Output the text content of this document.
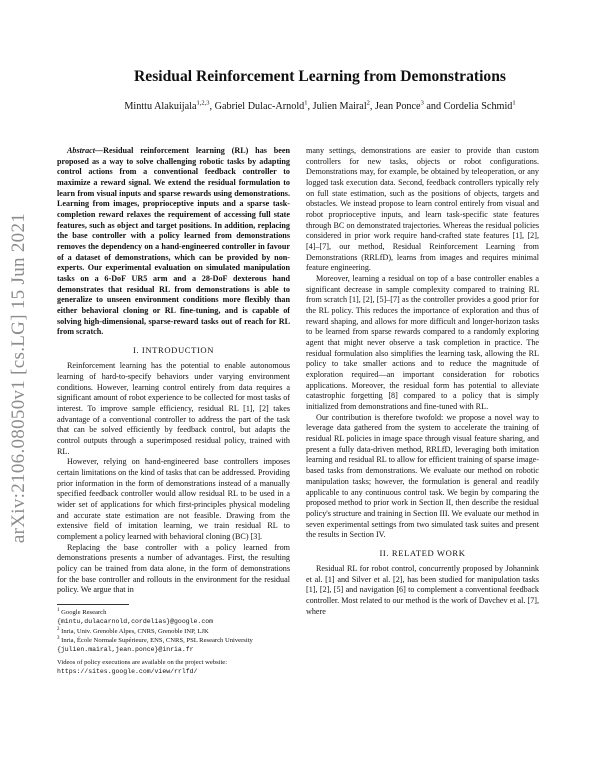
arXiv:2106.08050v1 [cs.LG] 15 Jun 2021
Residual Reinforcement Learning from Demonstrations
Minttu Alakuijala$^{1,2,3}$, Gabriel Dulac-Arnold$^1$, Julien Mairal$^2$, Jean Ponce$^3$ and Cordelia Schmid$^1$

Abstract—Residual reinforcement learning (RL) has been proposed as a way to solve challenging robotic tasks by adapting control actions from a conventional feedback controller to maximize a reward signal. We extend the residual formulation to learn from visual inputs and sparse rewards using demonstrations. Learning from images, proprioceptive inputs and a sparse task-completion reward relaxes the requirement of accessing full state features, such as object and target positions. In addition, replacing the base controller with a policy learned from demonstrations removes the dependency on a hand-engineered controller in favour of a dataset of demonstrations, which can be provided by non-experts. Our experimental evaluation on simulated manipulation tasks on a 6-DoF UR5 arm and a 28-DoF dexterous hand demonstrates that residual RL from demonstrations is able to generalize to unseen environment conditions more flexibly than either behavioral cloning or RL fine-tuning, and is capable of solving high-dimensional, sparse-reward tasks out of reach for RL from scratch.

I. INTRODUCTION

Reinforcement learning has the potential to enable autonomous learning of hard-to-specify behaviors under varying environment conditions. However, learning control entirely from data requires a significant amount of robot experience to be collected for most tasks of interest. To improve sample efficiency, residual RL [1], [2] takes advantage of a conventional controller to address the part of the task that can be solved efficiently by feedback control, but adapts the control outputs through a superimposed residual policy, trained with RL.

However, relying on hand-engineered base controllers imposes certain limitations on the kind of tasks that can be addressed. Providing prior information in the form of demonstrations instead of a manually specified feedback controller would allow residual RL to be used in a wider set of applications for which first-principles physical modeling and accurate state estimation are not feasible. Drawing from the extensive field of imitation learning, we train residual RL to complement a policy learned with behavioral cloning (BC) [3].

Replacing the base controller with a policy learned from demonstrations presents a number of advantages. First, the resulting policy can be trained from data alone, in the form of demonstrations for the base controller and rollouts in the environment for the residual policy. We argue that in

$^1$ Google Research
{mintu,dulacarnold,cordelias}@google.com
$^2$ Inria, Univ. Grenoble Alpes, CNRS, Grenoble INP, LJK
$^3$ Inria, École Normale Supérieure, ENS, CNRS, PSL Research University
{julien.mairal,jean.ponce}@inria.fr
Videos of policy executions are available on the project website:
https://sites.google.com/view/rrlfd/

many settings, demonstrations are easier to provide than custom controllers for new tasks, objects or robot configurations. Demonstrations may, for example, be obtained by teleoperation, or any logged task execution data. Second, feedback controllers typically rely on full state estimation, such as the positions of objects, targets and obstacles. We instead propose to learn control entirely from visual and robot proprioceptive inputs, and learn task-specific state features through BC on demonstrated trajectories. Whereas the residual policies considered in prior work require hand-crafted state features [1], [2], [4]–[7], our method, Residual Reinforcement Learning from Demonstrations (RRLfD), learns from images and requires minimal feature engineering.

Moreover, learning a residual on top of a base controller enables a significant decrease in sample complexity compared to training RL from scratch [1], [2], [5]–[7] as the controller provides a good prior for the RL policy. This reduces the importance of exploration and thus of reward shaping, and allows for more difficult and longer-horizon tasks to be learned from sparse rewards compared to a randomly exploring agent that might never observe a task completion in practice. The residual formulation also simplifies the learning task, allowing the RL policy to take smaller actions and to reduce the magnitude of exploration required—an important consideration for robotics applications. Moreover, the residual form has potential to alleviate catastrophic forgetting [8] compared to a policy that is simply initialized from demonstrations and fine-tuned with RL.

Our contribution is therefore twofold: we propose a novel way to leverage data gathered from the system to accelerate the training of residual RL policies in image space through visual feature sharing, and present a fully data-driven method, RRLfD, leveraging both imitation learning and residual RL to allow for efficient training of sparse image-based tasks from demonstrations. We evaluate our method on robotic manipulation tasks; however, the formulation is general and readily applicable to any continuous control task. We begin by comparing the proposed method to prior work in Section II, then describe the residual policy's structure and training in Section III. We evaluate our method in seven experimental settings from two simulated task suites and present the results in Section IV.

II. RELATED WORK

Residual RL for robot control, concurrently proposed by Johannink et al. [1] and Silver et al. [2], has been studied for manipulation tasks [1], [2], [5] and navigation [6] to complement a conventional feedback controller. Most related to our method is the work of Davchev et al. [7], where
